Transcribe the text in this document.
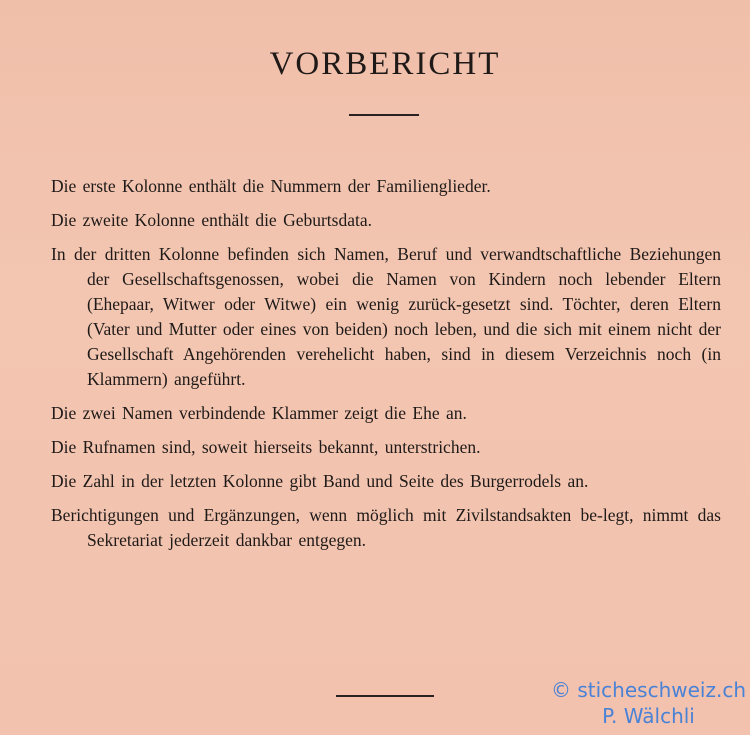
VORBERICHT

Die erste Kolonne enthält die Nummern der Familienglieder.

Die zweite Kolonne enthält die Geburtsdata.

In der dritten Kolonne befinden sich Namen, Beruf und verwandtschaftliche Beziehungen der Gesellschaftsgenossen, wobei die Namen von Kindern noch lebender Eltern (Ehepaar, Witwer oder Witwe) ein wenig zurück-gesetzt sind. Töchter, deren Eltern (Vater und Mutter oder eines von beiden) noch leben, und die sich mit einem nicht der Gesellschaft Angehörenden verehelicht haben, sind in diesem Verzeichnis noch (in Klammern) angeführt.

Die zwei Namen verbindende Klammer zeigt die Ehe an.

Die Rufnamen sind, soweit hierseits bekannt, unterstrichen.

Die Zahl in der letzten Kolonne gibt Band und Seite des Burgerrodels an.

Berichtigungen und Ergänzungen, wenn möglich mit Zivilstandsakten be-legt, nimmt das Sekretariat jederzeit dankbar entgegen.

© sticheschweiz.ch
P. Wälchli
